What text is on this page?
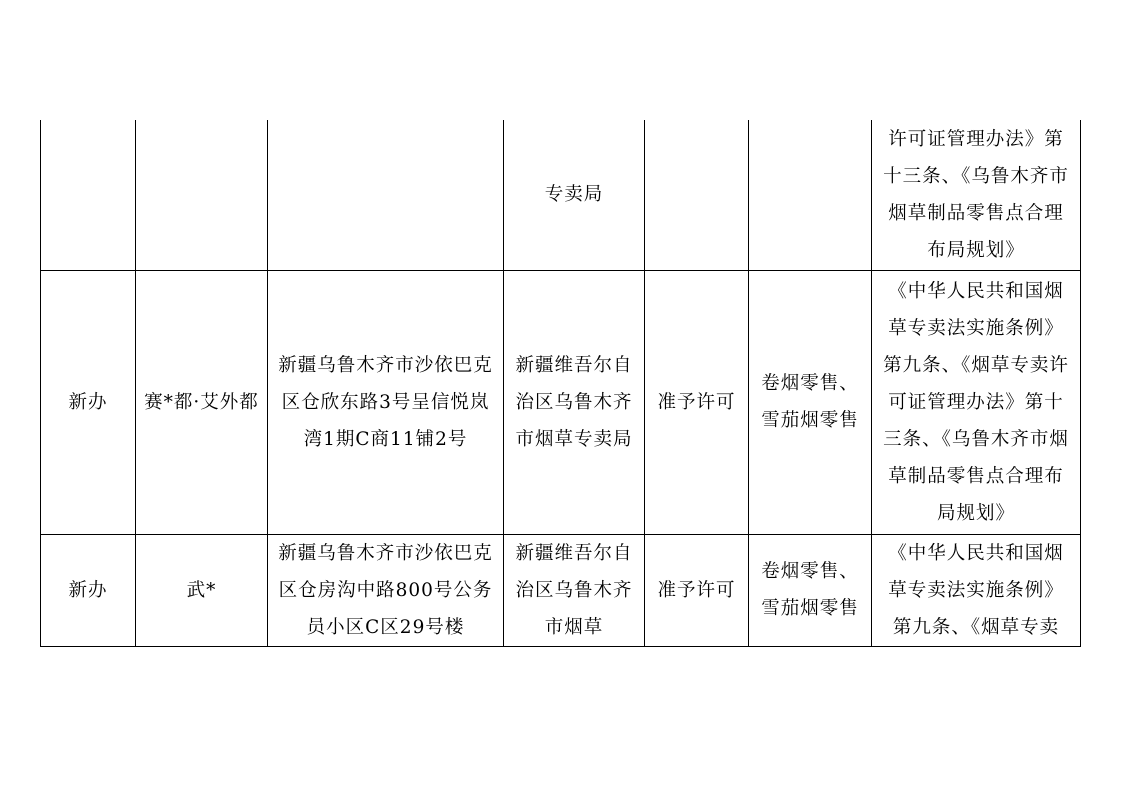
			专卖局			许可证管理办法》第十三条、《乌鲁木齐市烟草制品零售点合理布局规划》

新办	赛*都·艾外都	新疆乌鲁木齐市沙依巴克区仓欣东路3号呈信悦岚湾1期C商11铺2号	新疆维吾尔自治区乌鲁木齐市烟草专卖局	准予许可	卷烟零售、雪茄烟零售	《中华人民共和国烟草专卖法实施条例》第九条、《烟草专卖许可证管理办法》第十三条、《乌鲁木齐市烟草制品零售点合理布局规划》

新办	武*	新疆乌鲁木齐市沙依巴克区仓房沟中路800号公务员小区C区29号楼	新疆维吾尔自治区乌鲁木齐市烟草	准予许可	卷烟零售、雪茄烟零售	《中华人民共和国烟草专卖法实施条例》第九条、《烟草专卖
